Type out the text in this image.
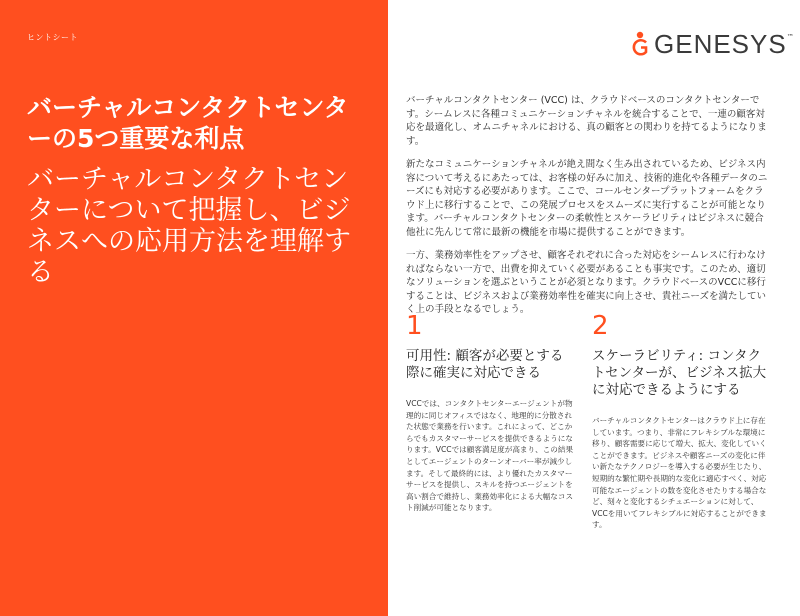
ヒントシート
バーチャルコンタクトセンターの5つ重要な利点
バーチャルコンタクトセンターについて把握し、ビジネスへの応用方法を理解する
GENESYS ™

バーチャルコンタクトセンター (VCC) は、クラウドベースのコンタクトセンターです。シームレスに各種コミュニケーションチャネルを統合することで、一連の顧客対応を最適化し、オムニチャネルにおける、真の顧客との関わりを持てるようになります。

新たなコミュニケーションチャネルが絶え間なく生み出されているため、ビジネス内容について考えるにあたっては、お客様の好みに加え、技術的進化や各種データのニーズにも対応する必要があります。ここで、コールセンタープラットフォームをクラウド上に移行することで、この発展プロセスをスムーズに実行することが可能となります。バーチャルコンタクトセンターの柔軟性とスケーラビリティはビジネスに競合他社に先んじて常に最新の機能を市場に提供することができます。

一方、業務効率性をアップさせ、顧客それぞれに合った対応をシームレスに行わなければならない一方で、出費を抑えていく必要があることも事実です。このため、適切なソリューションを選ぶということが必須となります。クラウドベースのVCCに移行することは、ビジネスおよび業務効率性を確実に向上させ、貴社ニーズを満たしていく上の手段となるでしょう。

1
可用性: 顧客が必要とする際に確実に対応できる
VCCでは、コンタクトセンターエージェントが物理的に同じオフィスではなく、地理的に分散された状態で業務を行います。これによって、どこからでもカスタマーサービスを提供できるようになります。VCCでは顧客満足度が高まり、この結果としてエージェントのターンオーバー率が減少します。そして最終的には、より優れたカスタマーサービスを提供し、スキルを持つエージェントを高い割合で維持し、業務効率化による大幅なコスト削減が可能となります。
2
スケーラビリティ: コンタクトセンターが、ビジネス拡大に対応できるようにする
バーチャルコンタクトセンターはクラウド上に存在しています。つまり、非常にフレキシブルな環境に移り、顧客需要に応じて増大、拡大、変化していくことができます。ビジネスや顧客ニーズの変化に伴い新たなテクノロジーを導入する必要が生じたり、短期的な繁忙期や長期的な変化に適応すべく、対応可能なエージェントの数を変化させたりする場合など、刻々と変化するシチュエーションに対して、VCCを用いてフレキシブルに対応することができます。
